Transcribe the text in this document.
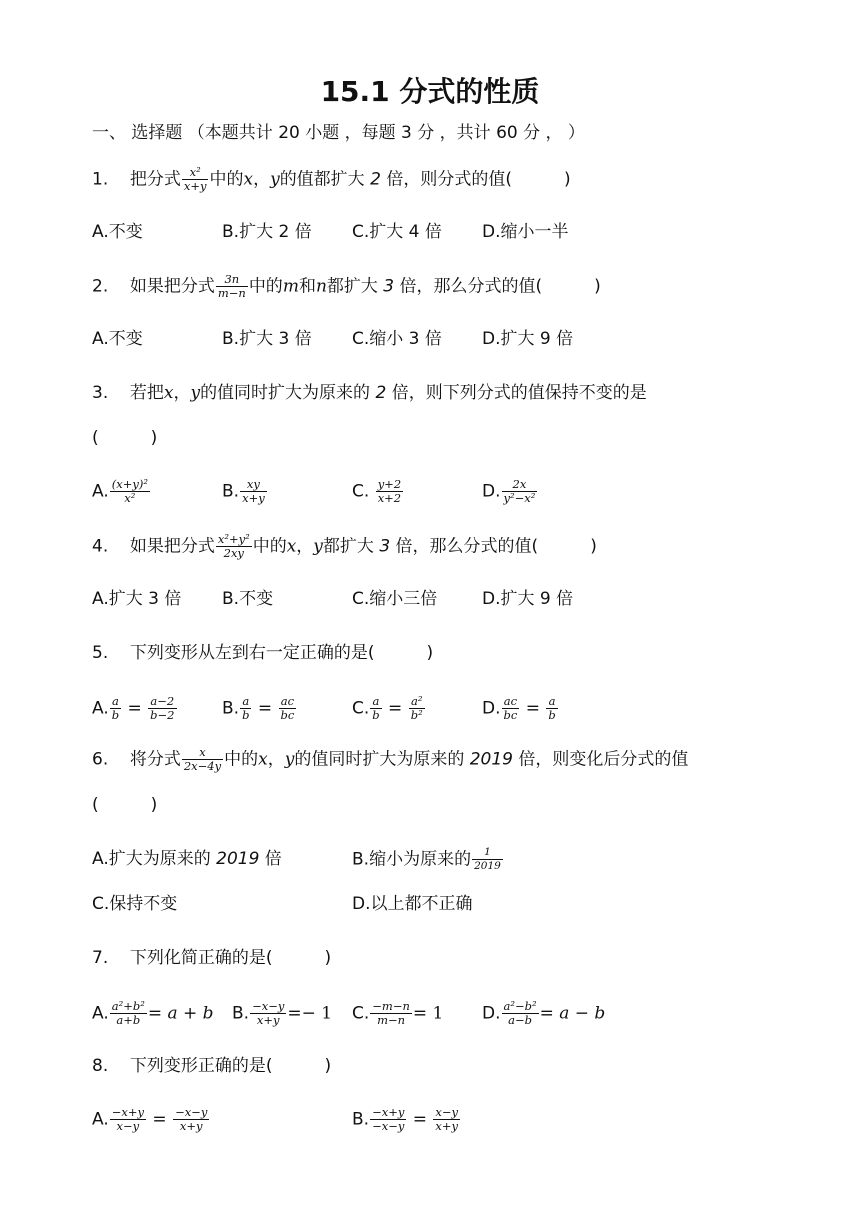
15.1 分式的性质
一、 选择题 （本题共计 20 小题 ，每题 3 分 ，共计 60 分 ， ）
1. 把分式 $\frac{\text{x²}}{x+y}$ 中的x，y的值都扩大 2 倍，则分式的值(	)
A.不变	B.扩大 2 倍 C.扩大 4 倍 D.缩小一半
2. 如果把分式 $\frac{3n}{m-n}$ 中的m和n都扩大 3 倍，那么分式的值(	)
A.不变	B.扩大 3 倍 C.缩小 3 倍 D.扩大 9 倍
3. 若把x，y的值同时扩大为原来的 2 倍，则下列分式的值保持不变的是
(	)
A. $\frac{\text{(x+y)²}}{\text{x²}}$	B. $\frac{xy}{x+y}$	C. $\frac{y+2}{x+2}$	D. $\frac{2x}{\text{y²−x²}}$
4. 如果把分式 $\frac{\text{x²+y²}}{2xy}$ 中的x，y都扩大 3 倍，那么分式的值(	)
A.扩大 3 倍 B.不变	C.缩小三倍	D.扩大 9 倍
5. 下列变形从左到右一定正确的是(	)
A. $\frac{a}{b} = \frac{a-2}{b-2}$	B. $\frac{a}{b} = \frac{ac}{bc}$	C. $\frac{a}{b} = \frac{\text{a²}}{\text{b²}}$	D. $\frac{ac}{bc} = \frac{a}{b}$
6. 将分式 $\frac{x}{2x-4y}$ 中的x，y的值同时扩大为原来的 2019 倍，则变化后分式的值
(	)
A.扩大为原来的 2019 倍	B.缩小为原来的 $\frac{1}{2019}$
C.保持不变	D.以上都不正确
7. 下列化简正确的是(	)
A. $\frac{\text{a²+b²}}{a+b} = a + b$ B. $\frac{-x-y}{x+y} =- 1$ C. $\frac{-m-n}{m-n} = 1$ D. $\frac{\text{a²−b²}}{a-b} = a - b$
8. 下列变形正确的是(	)
A. $\frac{-x+y}{x-y} = \frac{-x-y}{x+y}$	B. $\frac{-x+y}{-x-y} = \frac{x-y}{x+y}$
